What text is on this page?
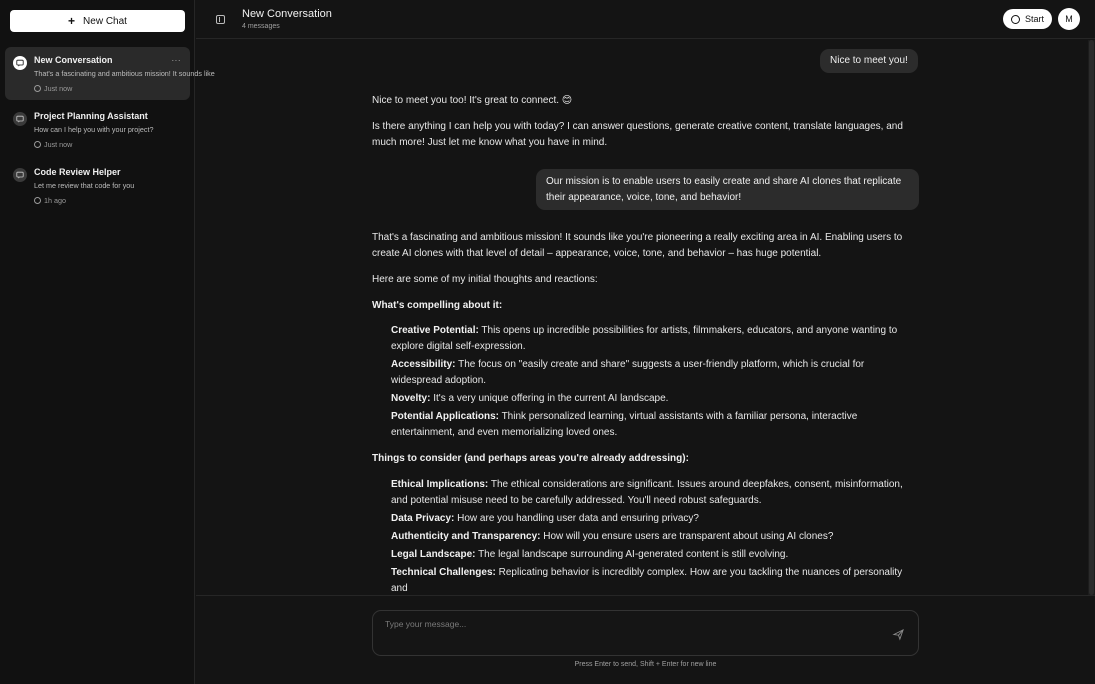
+ New Chat
New Conversation	···
That's a fascinating and ambitious mission! It sounds like
Just now
Project Planning Assistant
How can I help you with your project?
Just now
Code Review Helper
Let me review that code for you
1h ago
New Conversation
4 messages
Start	M
Nice to meet you!
Nice to meet you too! It's great to connect. 😊
Is there anything I can help you with today? I can answer questions, generate creative content, translate languages, and much more! Just let me know what you have in mind.
Our mission is to enable users to easily create and share AI clones that replicate their appearance, voice, tone, and behavior!
That's a fascinating and ambitious mission! It sounds like you're pioneering a really exciting area in AI. Enabling users to create AI clones with that level of detail – appearance, voice, tone, and behavior – has huge potential.
Here are some of my initial thoughts and reactions:
What's compelling about it:
Creative Potential: This opens up incredible possibilities for artists, filmmakers, educators, and anyone wanting to explore digital self-expression.
Accessibility: The focus on "easily create and share" suggests a user-friendly platform, which is crucial for widespread adoption.
Novelty: It's a very unique offering in the current AI landscape.
Potential Applications: Think personalized learning, virtual assistants with a familiar persona, interactive entertainment, and even memorializing loved ones.
Things to consider (and perhaps areas you're already addressing):
Ethical Implications: The ethical considerations are significant. Issues around deepfakes, consent, misinformation, and potential misuse need to be carefully addressed. You'll need robust safeguards.
Data Privacy: How are you handling user data and ensuring privacy?
Authenticity and Transparency: How will you ensure users are transparent about using AI clones?
Legal Landscape: The legal landscape surrounding AI-generated content is still evolving.
Technical Challenges: Replicating behavior is incredibly complex. How are you tackling the nuances of personality and
Type your message...
Press Enter to send, Shift + Enter for new line
